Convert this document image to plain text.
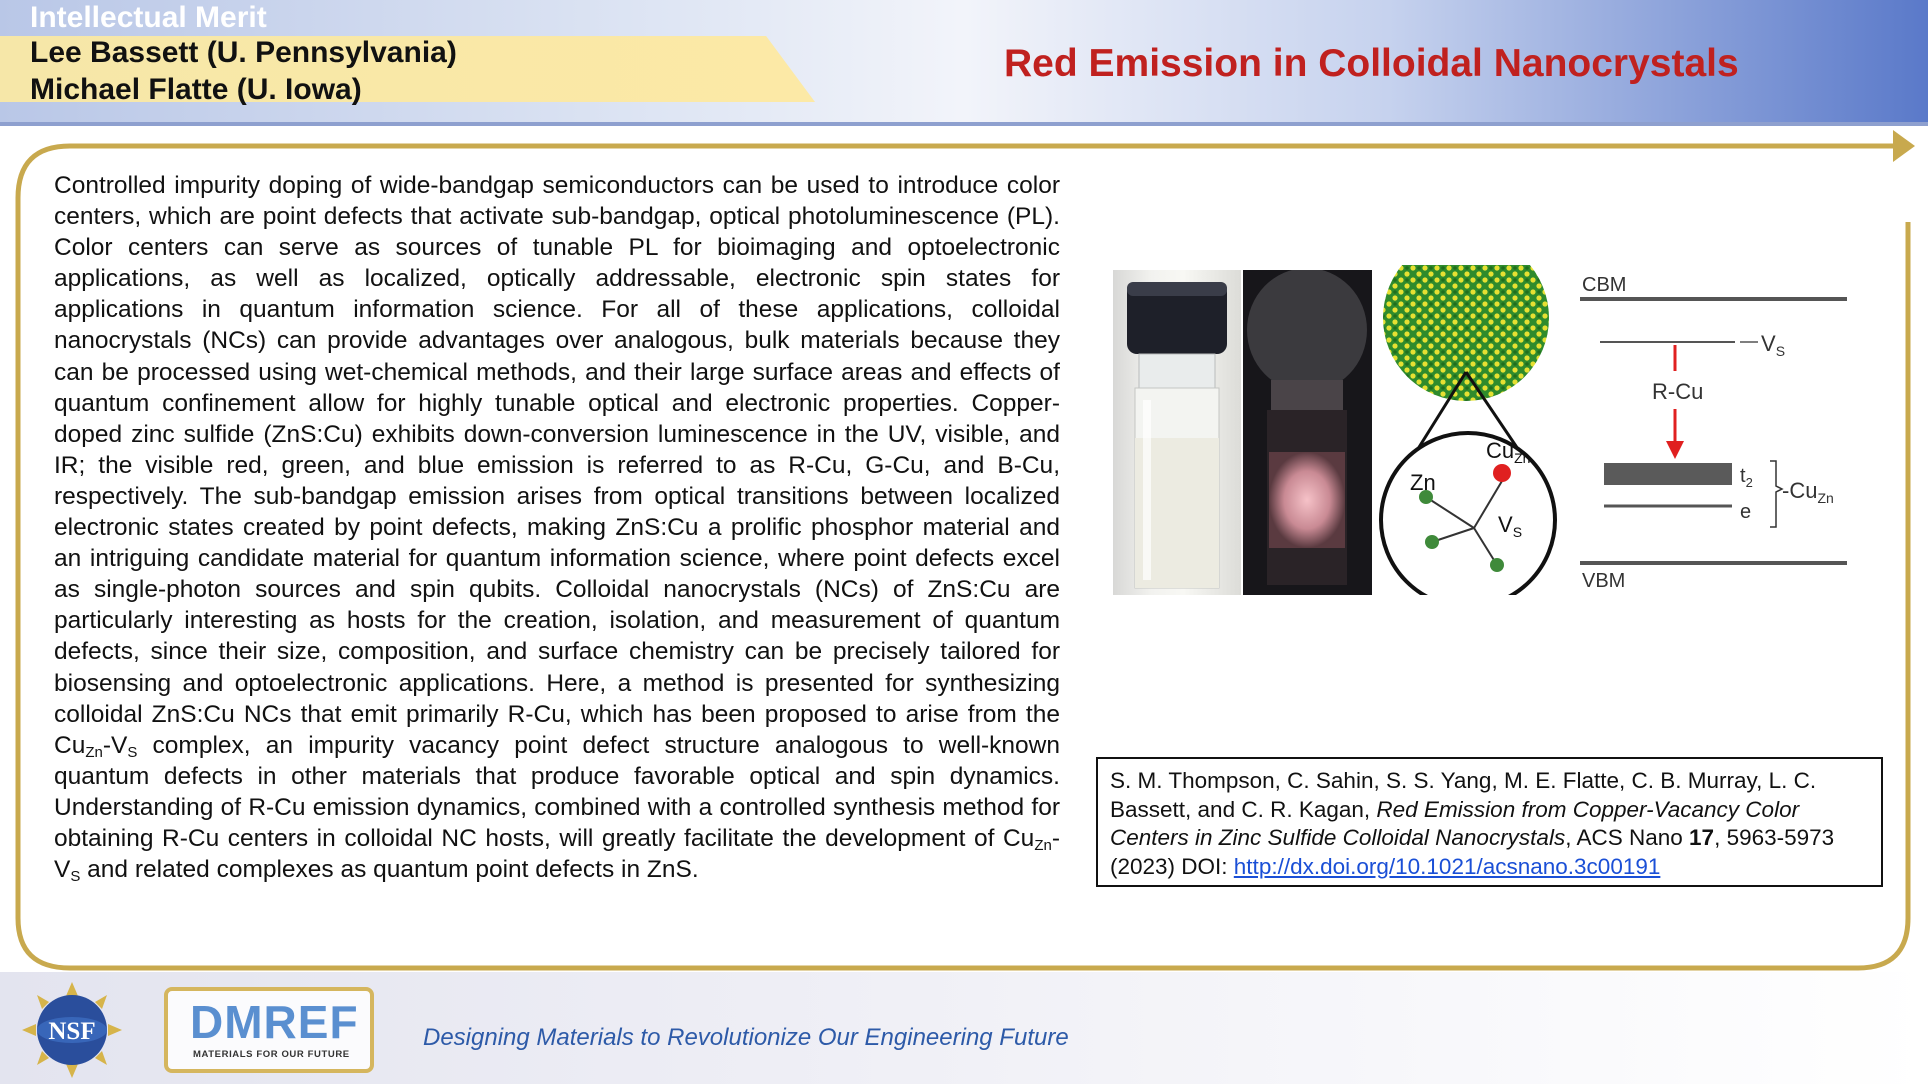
Intellectual Merit
Lee Bassett (U. Pennsylvania)
Michael Flatte (U. Iowa)
Red Emission in Colloidal Nanocrystals
Controlled impurity doping of wide-bandgap semiconductors can be used to introduce color centers, which are point defects that activate sub-bandgap, optical photoluminescence (PL). Color centers can serve as sources of tunable PL for bioimaging and optoelectronic applications, as well as localized, optically addressable, electronic spin states for applications in quantum information science. For all of these applications, colloidal nanocrystals (NCs) can provide advantages over analogous, bulk materials because they can be processed using wet-chemical methods, and their large surface areas and effects of quantum confinement allow for highly tunable optical and electronic properties. Copper-doped zinc sulfide (ZnS:Cu) exhibits down-conversion luminescence in the UV, visible, and IR; the visible red, green, and blue emission is referred to as R-Cu, G-Cu, and B-Cu, respectively. The sub-bandgap emission arises from optical transitions between localized electronic states created by point defects, making ZnS:Cu a prolific phosphor material and an intriguing candidate material for quantum information science, where point defects excel as single-photon sources and spin qubits. Colloidal nanocrystals (NCs) of ZnS:Cu are particularly interesting as hosts for the creation, isolation, and measurement of quantum defects, since their size, composition, and surface chemistry can be precisely tailored for biosensing and optoelectronic applications. Here, a method is presented for synthesizing colloidal ZnS:Cu NCs that emit primarily R-Cu, which has been proposed to arise from the $Cu_{Zn}-V_S$ complex, an impurity vacancy point defect structure analogous to well-known quantum defects in other materials that produce favorable optical and spin dynamics. Understanding of R-Cu emission dynamics, combined with a controlled synthesis method for obtaining R-Cu centers in colloidal NC hosts, will greatly facilitate the development of $Cu_{Zn}-V_S$ and related complexes as quantum point defects in ZnS.
Zn
$Cu_{Zn}$
$V_S$
CBM
$V_S$
R-Cu
$t_2$
e
$-Cu_{Zn}$
VBM
S. M. Thompson, C. Sahin, S. S. Yang, M. E. Flatte, C. B. Murray, L. C. Bassett, and C. R. Kagan, Red Emission from Copper-Vacancy Color Centers in Zinc Sulfide Colloidal Nanocrystals, ACS Nano 17, 5963-5973 (2023) DOI: http://dx.doi.org/10.1021/acsnano.3c00191
NSF DMREF
MATERIALS FOR OUR FUTURE
Designing Materials to Revolutionize Our Engineering Future
